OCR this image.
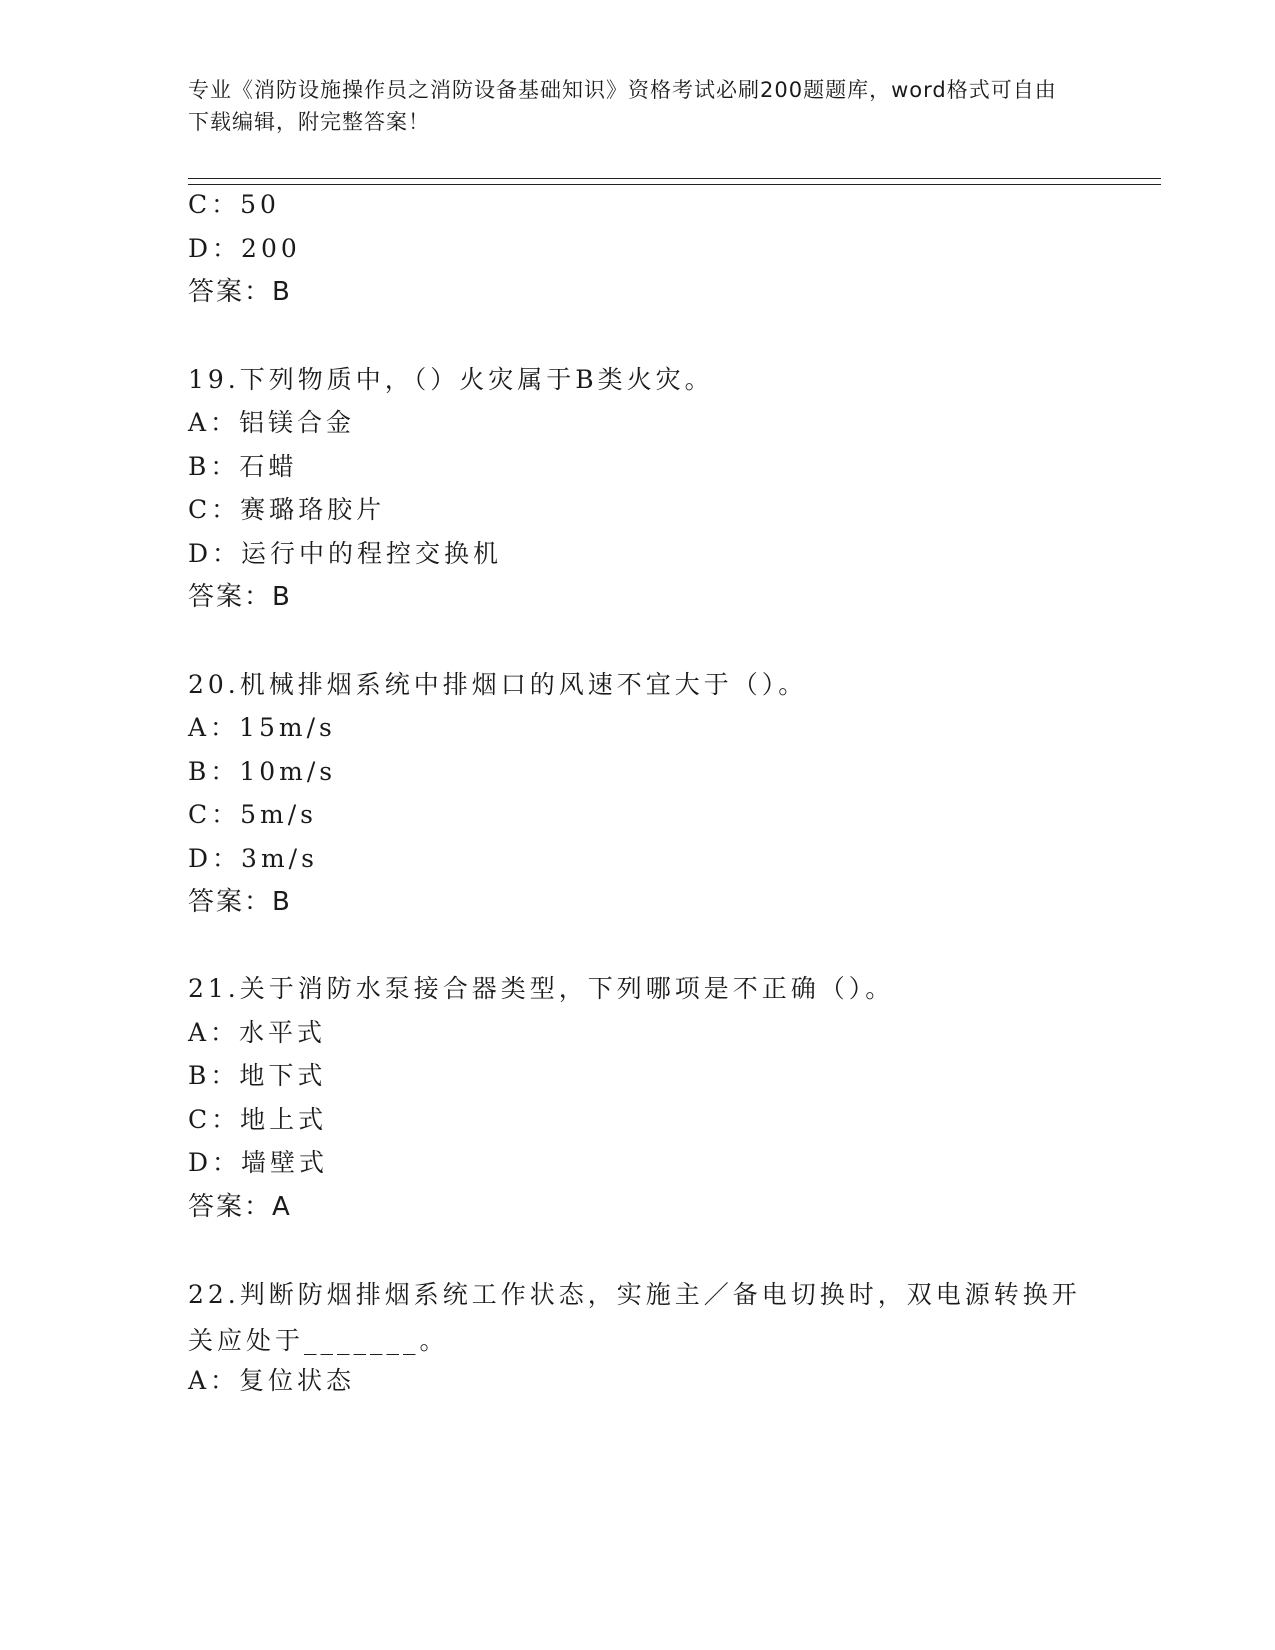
专业《消防设施操作员之消防设备基础知识》资格考试必刷200题题库，word格式可自由下载编辑，附完整答案！
C：50
D：200
答案：B
19.下列物质中，（）火灾属于B类火灾。
A：铝镁合金
B：石蜡
C：赛璐珞胶片
D：运行中的程控交换机
答案：B
20.机械排烟系统中排烟口的风速不宜大于（）。
A：15m/s
B：10m/s
C：5m/s
D：3m/s
答案：B
21.关于消防水泵接合器类型，下列哪项是不正确（）。
A：水平式
B：地下式
C：地上式
D：墙壁式
答案：A
22.判断防烟排烟系统工作状态，实施主／备电切换时，双电源转换开关应处于_______。
A：复位状态
